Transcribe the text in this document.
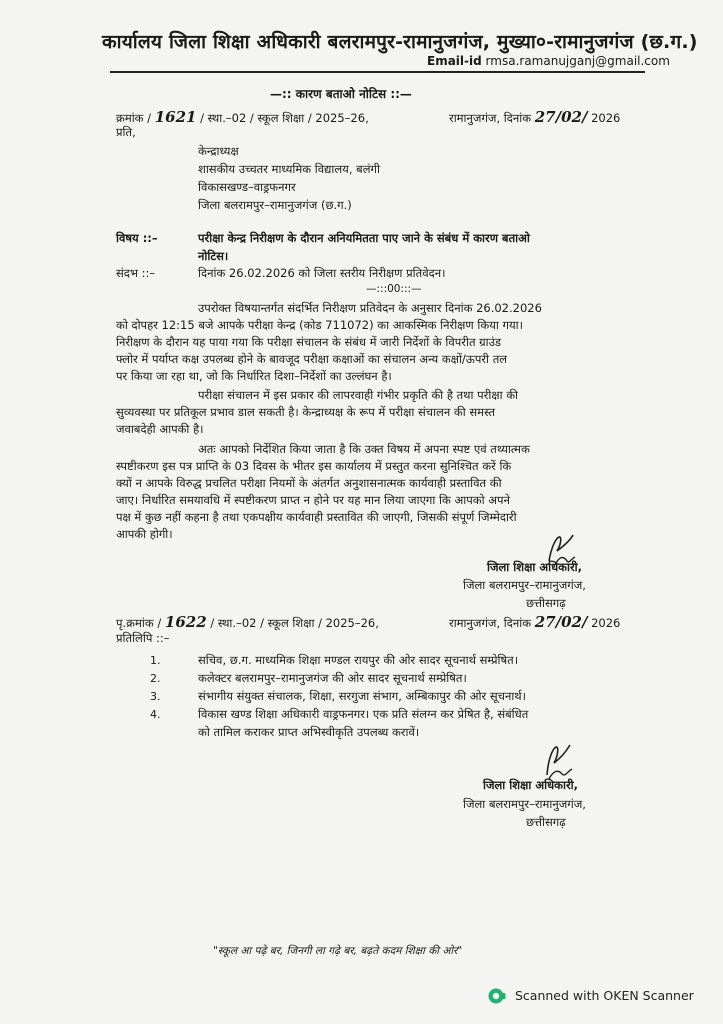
कार्यालय जिला शिक्षा अधिकारी बलरामपुर-रामानुजगंज, मुख्या०-रामानुजगंज (छ.ग.)
Email-id rmsa.ramanujganj@gmail.com
—:: कारण बताओ नोटिस ::—
क्रमांक / 1621 / स्था.–02 / स्कूल शिक्षा / 2025–26,	रामानुजगंज, दिनांक 27/02/ 2026
प्रति,
केन्द्राध्यक्ष
शासकीय उच्चतर माध्यमिक विद्यालय, बलंगी
विकासखण्ड–वाड्रफनगर
जिला बलरामपुर–रामानुजगंज (छ.ग.)
विषय ::–	परीक्षा केन्द्र निरीक्षण के दौरान अनियमितता पाए जाने के संबंध में कारण बताओ
नोटिस।
संदभ ::–	दिनांक 26.02.2026 को जिला स्तरीय निरीक्षण प्रतिवेदन।
—:::00:::—
उपरोक्त विषयान्तर्गत संदर्भित निरीक्षण प्रतिवेदन के अनुसार दिनांक 26.02.2026
को दोपहर 12:15 बजे आपके परीक्षा केन्द्र (कोड 711072) का आकस्मिक निरीक्षण किया गया।
निरीक्षण के दौरान यह पाया गया कि परीक्षा संचालन के संबंध में जारी निर्देशों के विपरीत ग्राउंड
फ्लोर में पर्याप्त कक्ष उपलब्ध होने के बावजूद परीक्षा कक्षाओं का संचालन अन्य कक्षों/ऊपरी तल
पर किया जा रहा था, जो कि निर्धारित दिशा–निर्देशों का उल्लंघन है।
परीक्षा संचालन में इस प्रकार की लापरवाही गंभीर प्रकृति की है तथा परीक्षा की
सुव्यवस्था पर प्रतिकूल प्रभाव डाल सकती है। केन्द्राध्यक्ष के रूप में परीक्षा संचालन की समस्त
जवाबदेही आपकी है।
अतः आपको निर्देशित किया जाता है कि उक्त विषय में अपना स्पष्ट एवं तथ्यात्मक
स्पष्टीकरण इस पत्र प्राप्ति के 03 दिवस के भीतर इस कार्यालय में प्रस्तुत करना सुनिश्चित करें कि
क्यों न आपके विरुद्ध प्रचलित परीक्षा नियमों के अंतर्गत अनुशासनात्मक कार्यवाही प्रस्तावित की
जाए। निर्धारित समयावधि में स्पष्टीकरण प्राप्त न होने पर यह मान लिया जाएगा कि आपको अपने
पक्ष में कुछ नहीं कहना है तथा एकपक्षीय कार्यवाही प्रस्तावित की जाएगी, जिसकी संपूर्ण जिम्मेदारी
आपकी होगी।
जिला शिक्षा अधिकारी,
जिला बलरामपुर–रामानुजगंज,
छत्तीसगढ़
पृ.क्रमांक / 1622 / स्था.–02 / स्कूल शिक्षा / 2025–26,	रामानुजगंज, दिनांक 27/02/ 2026
प्रतिलिपि ::–
1.	सचिव, छ.ग. माध्यमिक शिक्षा मण्डल रायपुर की ओर सादर सूचनार्थ सम्प्रेषित।
2.	कलेक्टर बलरामपुर–रामानुजगंज की ओर सादर सूचनार्थ सम्प्रेषित।
3.	संभागीय संयुक्त संचालक, शिक्षा, सरगुजा संभाग, अम्बिकापुर की ओर सूचनार्थ।
4.	विकास खण्ड शिक्षा अधिकारी वाड्रफनगर। एक प्रति संलग्न कर प्रेषित है, संबंधित
को तामिल कराकर प्राप्त अभिस्वीकृति उपलब्ध करावें।
जिला शिक्षा अधिकारी,
जिला बलरामपुर–रामानुजगंज,
छत्तीसगढ़
"स्कूल आ पढ़े बर, जिनगी ला गढ़े बर, बढ़ते कदम शिक्षा की ओर"
Scanned with OKEN Scanner
